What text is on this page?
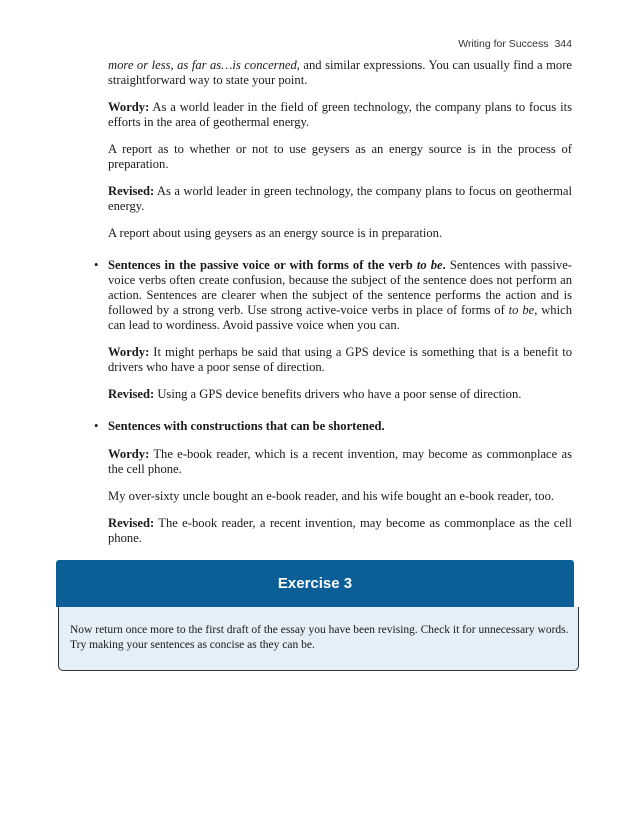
Writing for Success 344

more or less, as far as…is concerned, and similar expressions. You can usually find a more straightforward way to state your point.

Wordy: As a world leader in the field of green technology, the company plans to focus its efforts in the area of geothermal energy.

A report as to whether or not to use geysers as an energy source is in the process of preparation.

Revised: As a world leader in green technology, the company plans to focus on geothermal energy.

A report about using geysers as an energy source is in preparation.

• Sentences in the passive voice or with forms of the verb to be. Sentences with passive-voice verbs often create confusion, because the subject of the sentence does not perform an action. Sentences are clearer when the subject of the sentence performs the action and is followed by a strong verb. Use strong active-voice verbs in place of forms of to be, which can lead to wordiness. Avoid passive voice when you can.

Wordy: It might perhaps be said that using a GPS device is something that is a benefit to drivers who have a poor sense of direction.

Revised: Using a GPS device benefits drivers who have a poor sense of direction.

• Sentences with constructions that can be shortened.

Wordy: The e-book reader, which is a recent invention, may become as commonplace as the cell phone.

My over-sixty uncle bought an e-book reader, and his wife bought an e-book reader, too.

Revised: The e-book reader, a recent invention, may become as commonplace as the cell phone.

Exercise 3
Now return once more to the first draft of the essay you have been revising. Check it for unnecessary words. Try making your sentences as concise as they can be.
